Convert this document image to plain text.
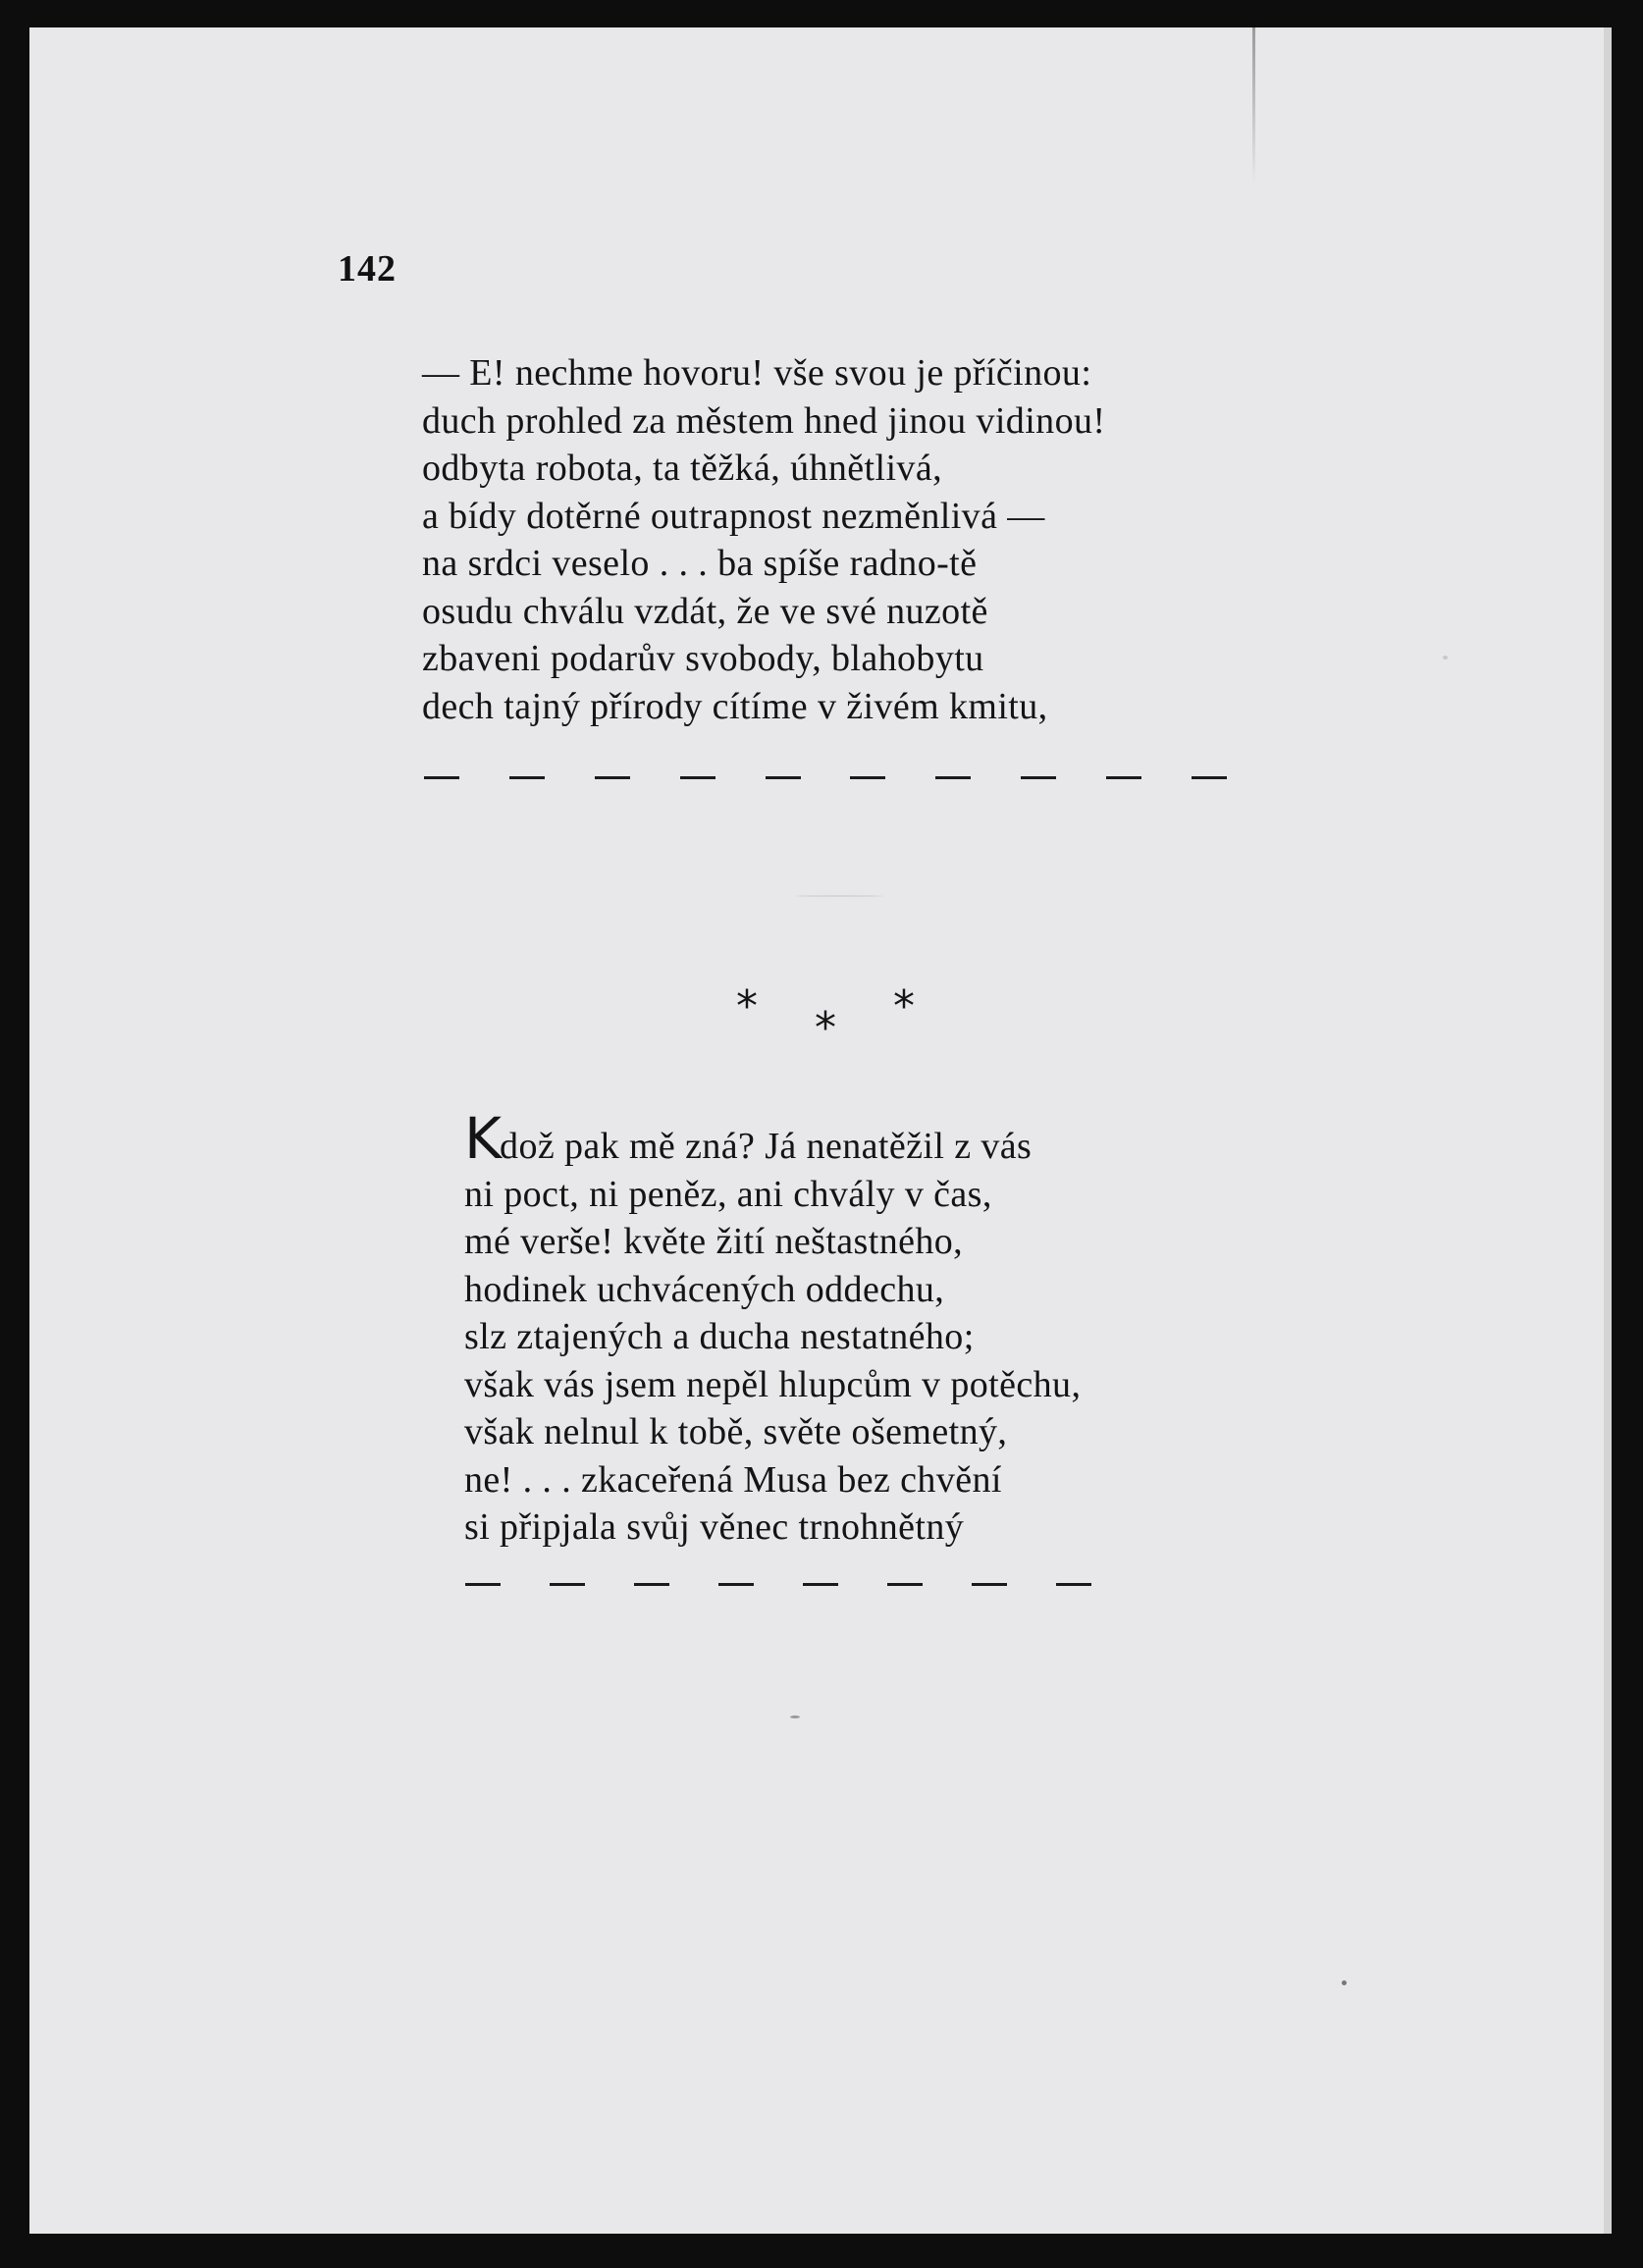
142
— E! nechme hovoru! vše svou je příčinou:
duch prohled za městem hned jinou vidinou!
odbyta robota, ta těžká, úhnětlivá,
a bídy dotěrné outrapnost nezměnlivá —
na srdci veselo . . . ba spíše radno-tě
osudu chválu vzdát, že ve své nuzotě
zbaveni podarův svobody, blahobytu
dech tajný přírody cítíme v živém kmitu,
* * *
Kdož pak mě zná? Já nenatěžil z vás
ni poct, ni peněz, ani chvály v čas,
mé verše! květe žití neštastného,
hodinek uchvácených oddechu,
slz ztajených a ducha nestatného;
však vás jsem nepěl hlupcům v potěchu,
však nelnul k tobě, světe ošemetný,
ne! . . . zkaceřená Musa bez chvění
si připjala svůj věnec trnohnětný
